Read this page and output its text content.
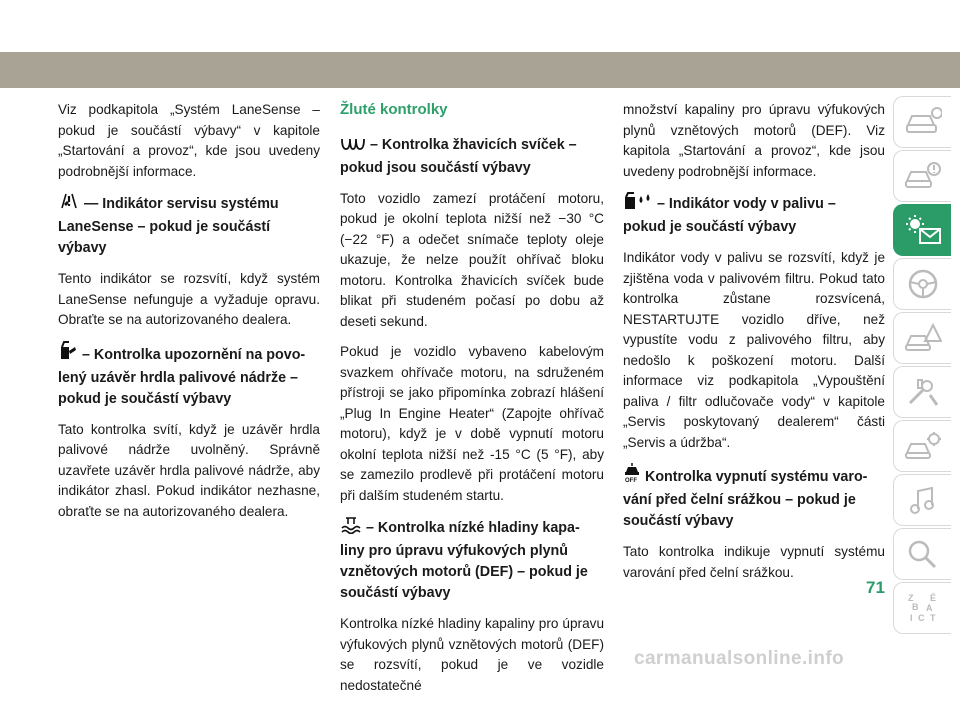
Viz podkapitola „Systém LaneSense – pokud je součástí výbavy“ v kapitole „Startování a provoz“, kde jsou uvedeny podrobnější informace.

— Indikátor servisu systému
LaneSense – pokud je součástí výbavy

Tento indikátor se rozsvítí, když systém LaneSense nefunguje a vyžaduje opravu. Obraťte se na autorizovaného dealera.

– Kontrolka upozornění na povo-
lený uzávěr hrdla palivové nádrže – pokud je součástí výbavy

Tato kontrolka svítí, když je uzávěr hrdla palivové nádrže uvolněný. Správně uzavřete uzávěr hrdla palivové nádrže, aby indikátor zhasl. Pokud indikátor nezhasne, obraťte se na autorizovaného dealera.

Žluté kontrolky
– Kontrolka žhavicích svíček –
pokud jsou součástí výbavy

Toto vozidlo zamezí protáčení motoru, pokud je okolní teplota nižší než −30 °C (−22 °F) a odečet snímače teploty oleje ukazuje, že nelze použít ohřívač bloku motoru. Kontrolka žhavicích svíček bude blikat při studeném počasí po dobu až deseti sekund.

Pokud je vozidlo vybaveno kabelovým svazkem ohřívače motoru, na sdruženém přístroji se jako připomínka zobrazí hlášení „Plug In Engine Heater“ (Zapojte ohřívač motoru), když je v době vypnutí motoru okolní teplota nižší než -15 °C (5 °F), aby se zamezilo prodlevě při protáčení motoru při dalším studeném startu.

– Kontrolka nízké hladiny kapa-
liny pro úpravu výfukových plynů vznětových motorů (DEF) – pokud je součástí výbavy

Kontrolka nízké hladiny kapaliny pro úpravu výfukových plynů vznětových motorů (DEF) se rozsvítí, pokud je ve vozidle nedostatečné

množství kapaliny pro úpravu výfukových plynů vznětových motorů (DEF). Viz kapitola „Startování a provoz“, kde jsou uvedeny podrobnější informace.

– Indikátor vody v palivu –
pokud je součástí výbavy

Indikátor vody v palivu se rozsvítí, když je zjištěna voda v palivovém filtru. Pokud tato kontrolka zůstane rozsvícená, NESTARTUJTE vozidlo dříve, než vypustíte vodu z palivového filtru, aby nedošlo k poškození motoru. Další informace viz podkapitola „Vypouštění paliva / filtr odlučovače vody“ v kapitole „Servis poskytovaný dealerem“ části „Servis a údržba“.

OFF Kontrolka vypnutí systému varo-
vání před čelní srážkou – pokud je součástí výbavy

Tato kontrolka indikuje vypnutí systému varování před čelní srážkou.

Z É
B A
I C T
71
carmanualsonline.info
